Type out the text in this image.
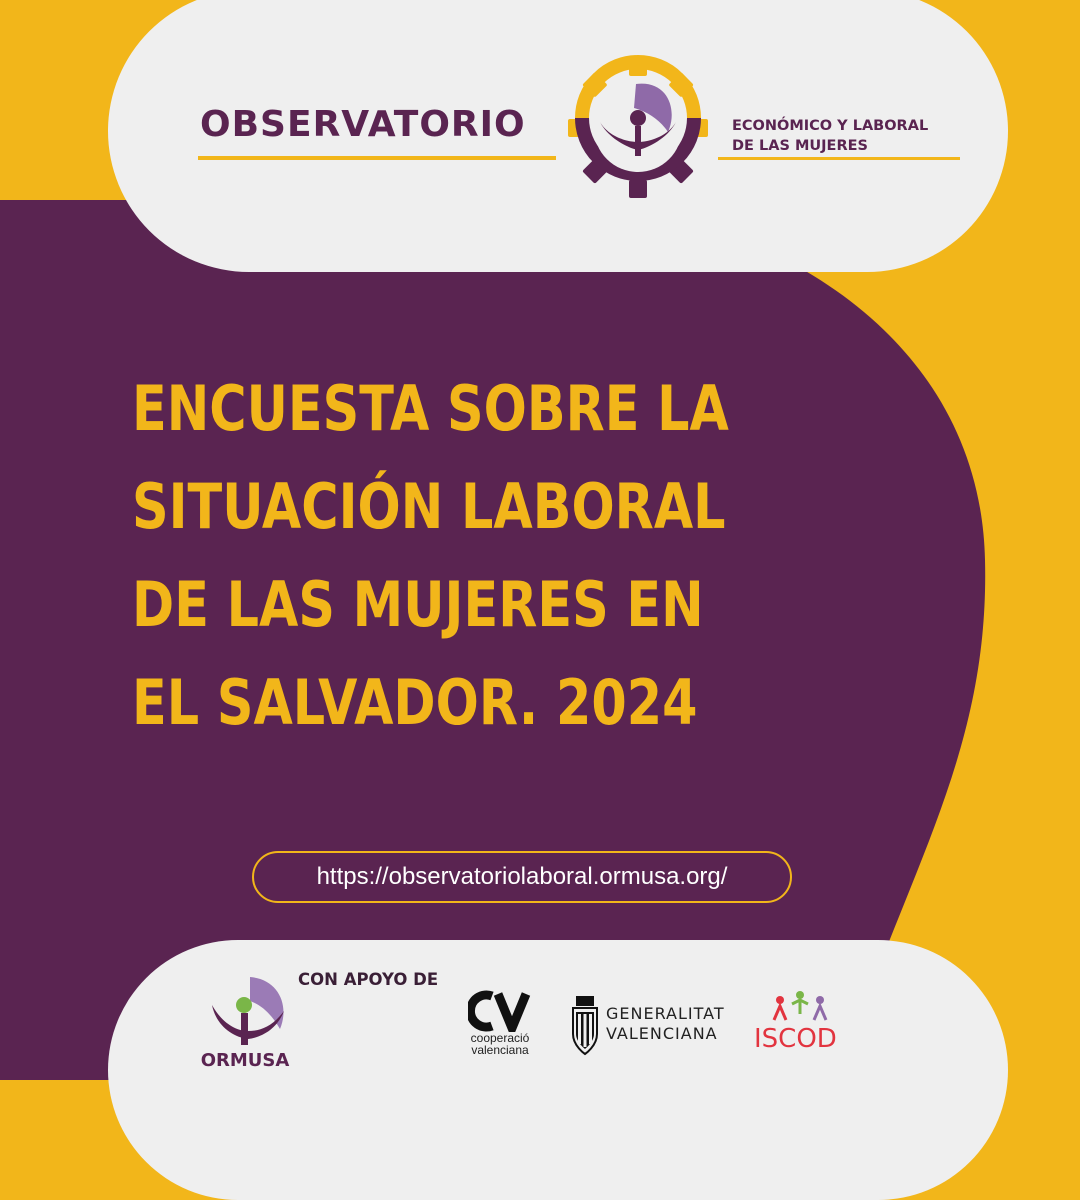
OBSERVATORIO	ECONÓMICO Y LABORAL
DE LAS MUJERES
ENCUESTA SOBRE LA
SITUACIÓN LABORAL
DE LAS MUJERES EN
EL SALVADOR. 2024
https://observatoriolaboral.ormusa.org/
CON APOYO DE
ORMUSA
cooperació
valenciana
GENERALITAT
VALENCIANA ISCOD
